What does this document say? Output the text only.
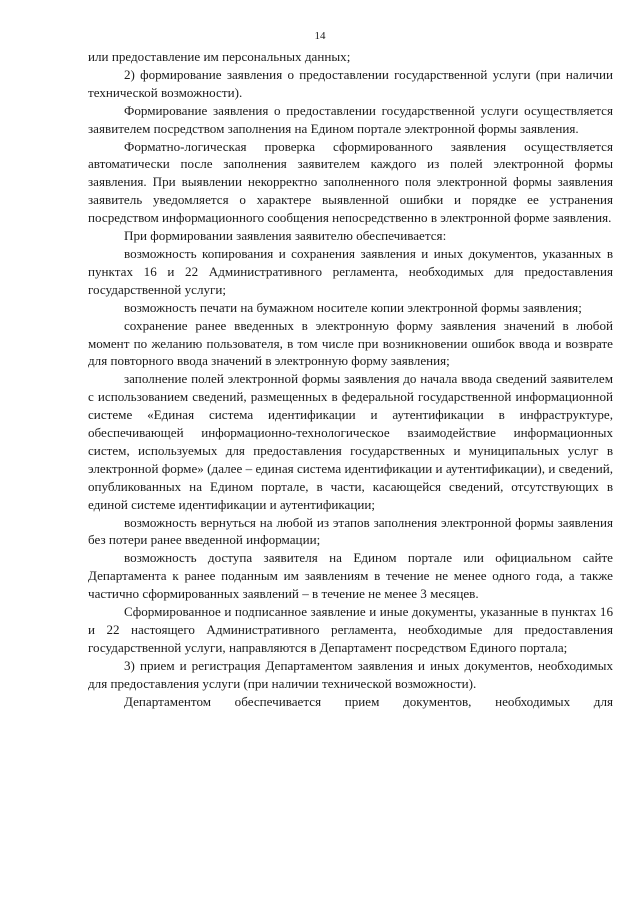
14

или предоставление им персональных данных;

2) формирование заявления о предоставлении государственной услуги (при наличии технической возможности).

Формирование заявления о предоставлении государственной услуги осуществляется заявителем посредством заполнения на Едином портале электронной формы заявления.

Форматно-логическая проверка сформированного заявления осуществляется автоматически после заполнения заявителем каждого из полей электронной формы заявления. При выявлении некорректно заполненного поля электронной формы заявления заявитель уведомляется о характере выявленной ошибки и порядке ее устранения посредством информационного сообщения непосредственно в электронной форме заявления.

При формировании заявления заявителю обеспечивается:

возможность копирования и сохранения заявления и иных документов, указанных в пунктах 16 и 22 Административного регламента, необходимых для предоставления государственной услуги;

возможность печати на бумажном носителе копии электронной формы заявления;

сохранение ранее введенных в электронную форму заявления значений в любой момент по желанию пользователя, в том числе при возникновении ошибок ввода и возврате для повторного ввода значений в электронную форму заявления;

заполнение полей электронной формы заявления до начала ввода сведений заявителем с использованием сведений, размещенных в федеральной государственной информационной системе «Единая система идентификации и аутентификации в инфраструктуре, обеспечивающей информационно-технологическое взаимодействие информационных систем, используемых для предоставления государственных и муниципальных услуг в электронной форме» (далее – единая система идентификации и аутентификации), и сведений, опубликованных на Едином портале, в части, касающейся сведений, отсутствующих в единой системе идентификации и аутентификации;

возможность вернуться на любой из этапов заполнения электронной формы заявления без потери ранее введенной информации;

возможность доступа заявителя на Едином портале или официальном сайте Департамента к ранее поданным им заявлениям в течение не менее одного года, а также частично сформированных заявлений – в течение не менее 3 месяцев.

Сформированное и подписанное заявление и иные документы, указанные в пунктах 16 и 22 настоящего Административного регламента, необходимые для предоставления государственной услуги, направляются в Департамент посредством Единого портала;

3) прием и регистрация Департаментом заявления и иных документов, необходимых для предоставления услуги (при наличии технической возможности).

Департаментом обеспечивается прием документов, необходимых для
